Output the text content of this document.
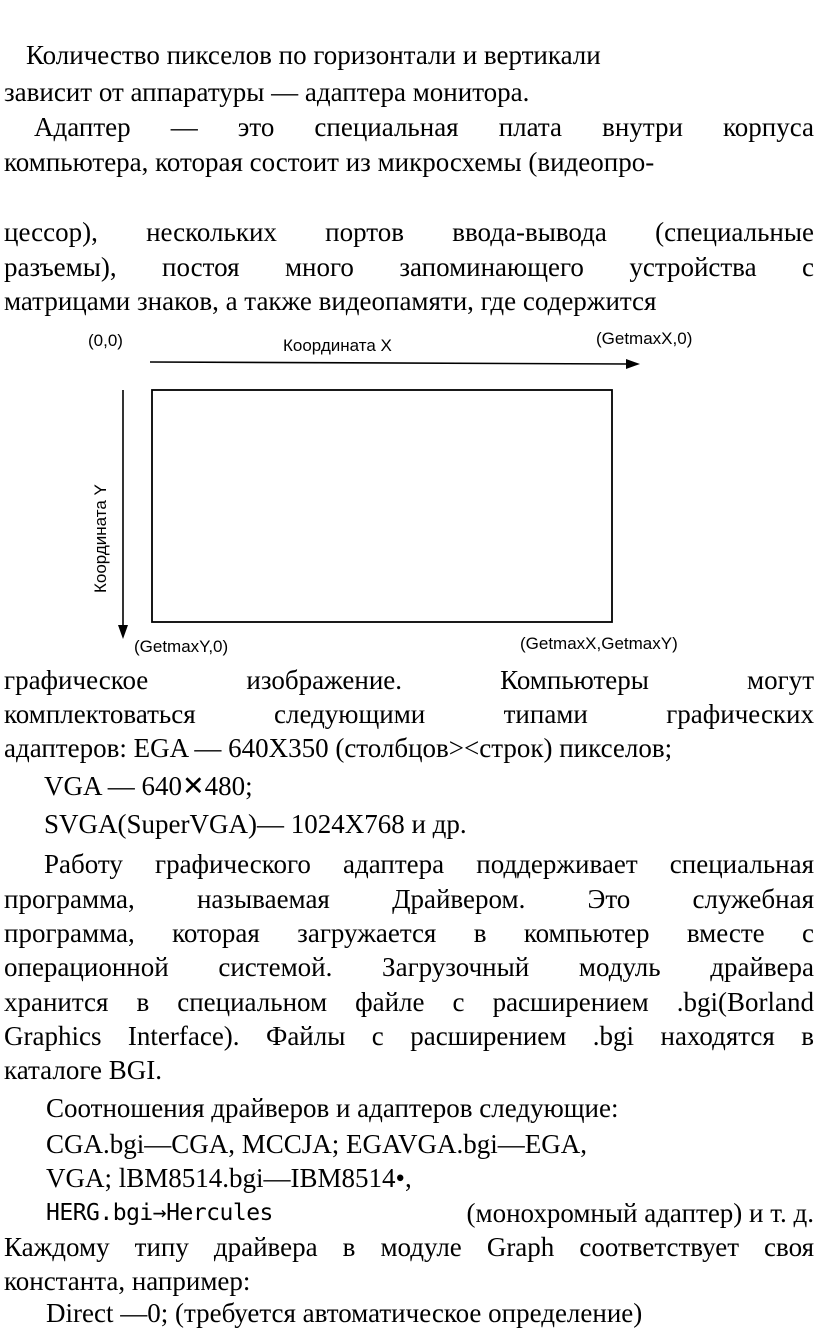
Количество пикселов по горизонтали и вертикали
зависит от аппаратуры — адаптера монитора.
Адаптер — это специальная плата внутри корпуса
компьютера, которая состоит из микросхемы (видеопро-
цессор), нескольких портов ввода-вывода (специальные
разъемы), постоя много запоминающего устройства с
матрицами знаков, а также видеопамяти, где содержится
(0,0)	Координата X	(GetmaxX,0)
Координата Y
(GetmaxY,0)	(GetmaxX,GetmaxY)
графическое изображение. Компьютеры могут
комплектоваться следующими типами графических
адаптеров: EGA — 640X350 (столбцов><строк) пикселов;
VGA — 640✕480;
SVGA(SuperVGA)— 1024X768 и др.
Работу графического адаптера поддерживает специальная
программа, называемая Драйвером. Это служебная
программа, которая загружается в компьютер вместе с
операционной системой. Загрузочный модуль драйвера
хранится в специальном файле с расширением .bgi(Borland
Graphics Interface). Файлы с расширением .bgi находятся в
каталоге BGI.
Соотношения драйверов и адаптеров следующие:
CGA.bgi—CGA, MCCJA; EGAVGA.bgi—EGA,
VGA; lBM8514.bgi—IBM8514•,
HERG.bgi→Hercules	(монохромный адаптер) и т. д.
Каждому типу драйвера в модуле Graph соответствует своя
константа, например:
Direct —0; (требуется автоматическое определение)
